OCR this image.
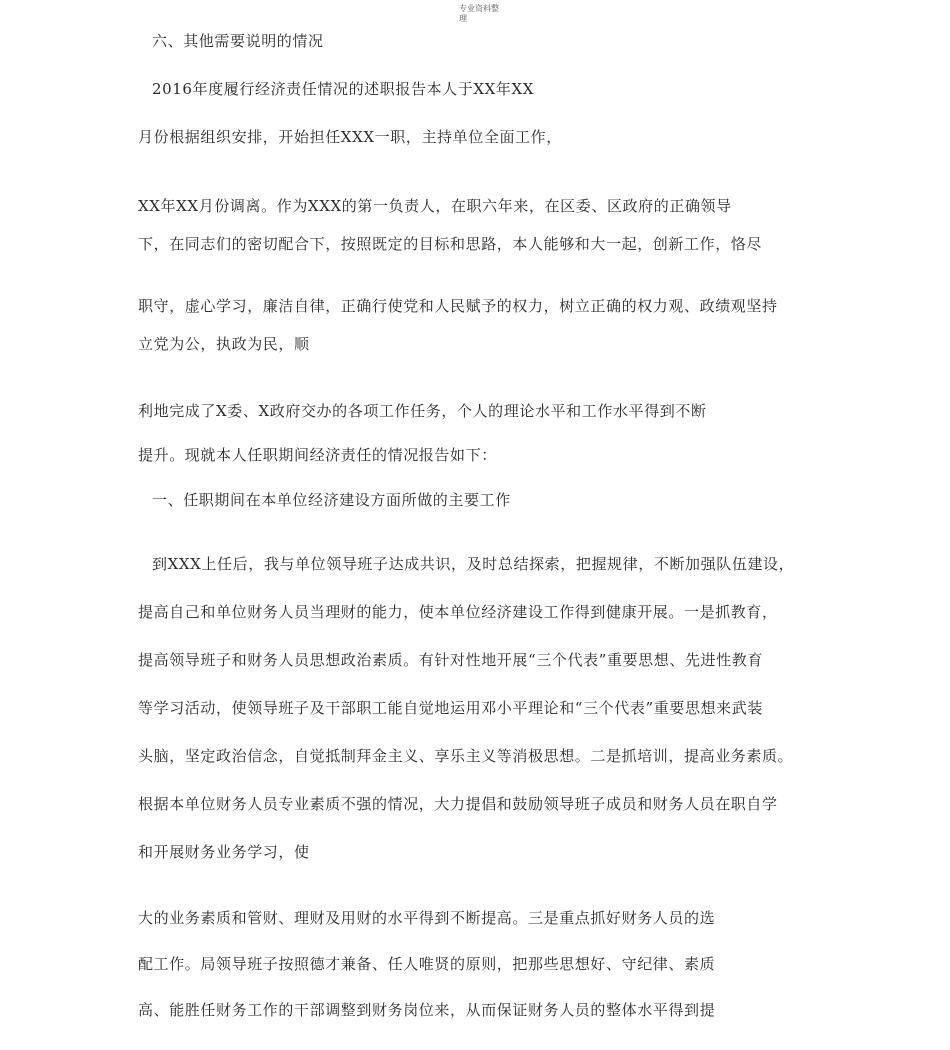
专业资料整
理
六、其他需要说明的情况
2016年度履行经济责任情况的述职报告本人于XX年XX
月份根据组织安排，开始担任XXX一职，主持单位全面工作，
XX年XX月份调离。作为XXX的第一负责人，在职六年来，在区委、区政府的正确领导
下，在同志们的密切配合下，按照既定的目标和思路，本人能够和大一起，创新工作，恪尽
职守，虚心学习，廉洁自律，正确行使党和人民赋予的权力，树立正确的权力观、政绩观坚持
立党为公，执政为民，顺
利地完成了X委、X政府交办的各项工作任务，个人的理论水平和工作水平得到不断
提升。现就本人任职期间经济责任的情况报告如下：
一、任职期间在本单位经济建设方面所做的主要工作
到XXX上任后，我与单位领导班子达成共识，及时总结探索，把握规律，不断加强队伍建设，
提高自己和单位财务人员当理财的能力，使本单位经济建设工作得到健康开展。一是抓教育，
提高领导班子和财务人员思想政治素质。有针对性地开展“三个代表”重要思想、先进性教育
等学习活动，使领导班子及干部职工能自觉地运用邓小平理论和“三个代表”重要思想来武装
头脑，坚定政治信念，自觉抵制拜金主义、享乐主义等消极思想。二是抓培训，提高业务素质。
根据本单位财务人员专业素质不强的情况，大力提倡和鼓励领导班子成员和财务人员在职自学
和开展财务业务学习，使
大的业务素质和管财、理财及用财的水平得到不断提高。三是重点抓好财务人员的选
配工作。局领导班子按照德才兼备、任人唯贤的原则，把那些思想好、守纪律、素质
高、能胜任财务工作的干部调整到财务岗位来，从而保证财务人员的整体水平得到提
